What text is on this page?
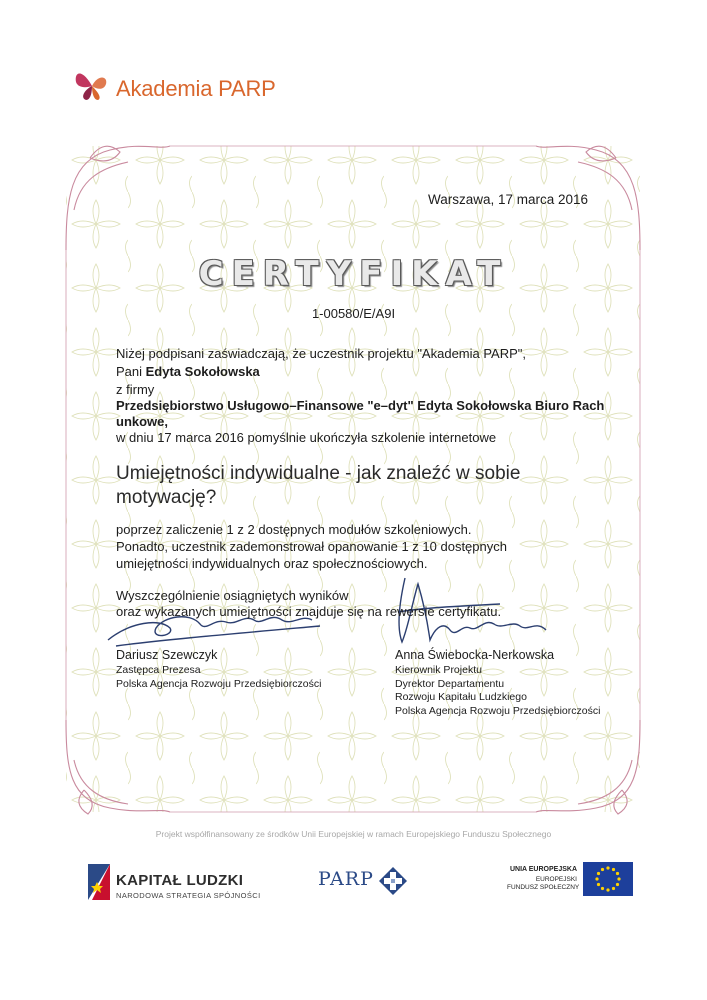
Akademia PARP
Warszawa, 17 marca 2016
CERTYFIKAT
1-00580/E/A9I
Niżej podpisani zaświadczają, że uczestnik projektu "Akademia PARP",
Pani Edyta Sokołowska
z firmy
Przedsiębiorstwo Usługowo–Finansowe "e–dyt" Edyta Sokołowska Biuro Rach
unkowe,
w dniu 17 marca 2016 pomyślnie ukończyła szkolenie internetowe
Umiejętności indywidualne - jak znaleźć w sobie motywację?
poprzez zaliczenie 1 z 2 dostępnych modułów szkoleniowych.
Ponadto, uczestnik zademonstrował opanowanie 1 z 10 dostępnych
umiejętności indywidualnych oraz społecznościowych.
Wyszczególnienie osiągniętych wyników
oraz wykazanych umiejętności znajduje się na rewersie certyfikatu.
Dariusz Szewczyk
Zastępca Prezesa
Polska Agencja Rozwoju Przedsiębiorczości
Anna Świebocka-Nerkowska
Kierownik Projektu
Dyrektor Departamentu
Rozwoju Kapitału Ludzkiego
Polska Agencja Rozwoju Przedsiębiorczości
Projekt współfinansowany ze środków Unii Europejskiej w ramach Europejskiego Funduszu Społecznego
KAPITAŁ LUDZKI
NARODOWA STRATEGIA SPÓJNOŚCI
PARP	UNIA EUROPEJSKA
EUROPEJSKI
FUNDUSZ SPOŁECZNY
